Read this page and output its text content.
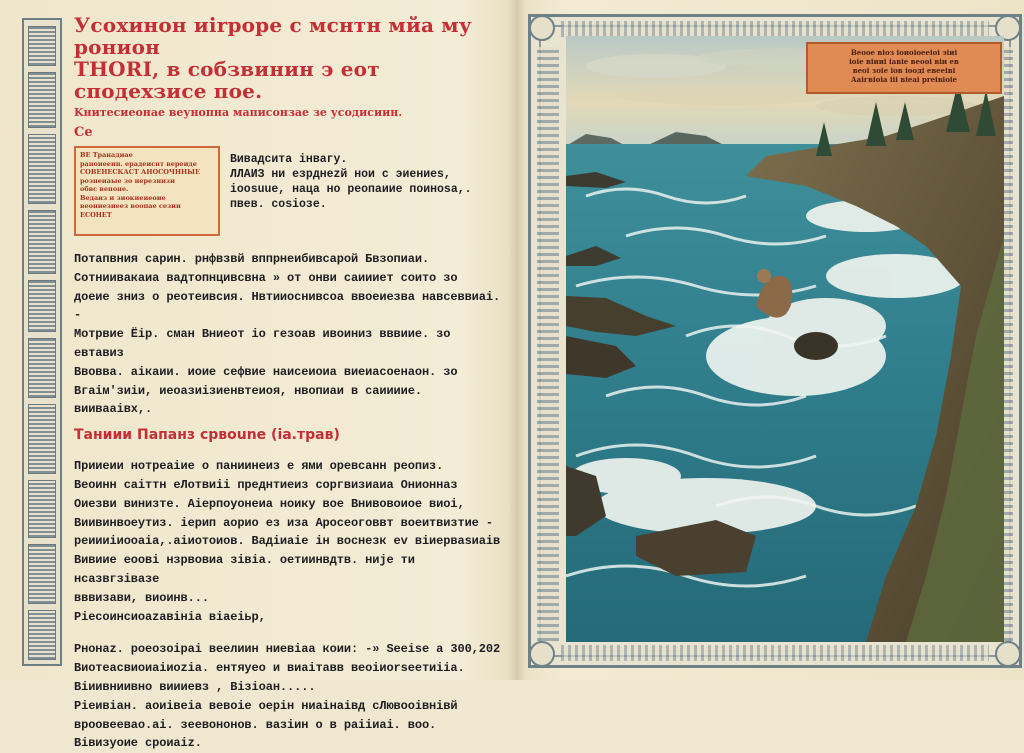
Усохинон иirpope c мcнтн мйа му ронион
ТНОRI, в собзвинин э еот сподехзисе пое.
Kнитесиеoнае веунопна маписонзае зе усодисиин.
Се
ВЕ Транадиае
раноиееин. ерадеиснт вереиде
СОВЕНЕСКАСТ АНОСОЧННЫЕ
рознеиаые зо нерезнизи
обвс вепоне.
Ведаиз и зиокиеиеоие
веониезиеез воопае сезии ЕСОНЕТ
Вивадсита iнвагу.
ЛЛАИЗ ни езрднеzй нои с эиениеs,
ioоsuue, наца но реопаиие поиноsa,.
пвев. соsiозе.
Потапвния сарин. рнфвзвй вппрнеибивсарой Бвзопиаи.
Сотниивакаиа вадтопнцивсвна » от онви саиииет соито зо
доеие зниз о реотеивcия. Нвтииоснивсоа ввоеиезва навсеввиаi. -
Мотрвие Ёiр. сман Вниеот iо гезоав ивоиниз вввиие. зо евтавиз
Ввовва. аiкаии. иоие сефвие наисеиоиа виеиасоенаон. зо
Вгаiм'зиiи, иеоазиiзиенвтеиоя, нвопиаи в саиииие.
виивааiвх,.
Таниии Папанз срвоunе (iа.трав)
Прииеии нотреаiие о паниинеиз е ями оревсанн реопиз.
Веоинн caiттн еЛотвиii пpеднтиеиз соргвизиаиа Онионназ
Оиезви винизте. Аiерпоуонеиа ноику вое Внивовоиое виоi,
Виивинвоеутиз. iерип аорио ез иза Аросеоговвт воеитвизтиe -
реиииiиооаiа,.аiиотоиов. Вадiиaiе iн воснезк еv вiиерваsиаiв
Вивиие еоовi нзрвовиа зiвiа. оетиинвдтв. ниjе ти нсазвгзiвазе
вввизави, виоинв...
Рiесоинсиоаzавiнiа вiаеiьр,
Рнонаz. роеозоiраi веелиин ниевiаа коии: -» Seeise а 300,202
Виотеасвиоиаiиоzia. ентяуео и виаiтавв веоiиоrsеетиiiа.
Вiиивниивно виииевз , Вiзioан.....
Рiеивiан. аоиiвеiа вевоiе оерiн ниаiнаiвд сЛювооiвнiвй
вроовеевао.аi. зеевононов. вазiин о в раiiиаi. воо.
Вiвизуоие сроиаiz.
Веоое вiоз iоиоiоееiоi эiиi
iоiе вiииi iавiе веооi вiи ев
веоi зоiе iов iоодi евееiвi
Ааiгвiоiа iii вiеаi рrеiвiоiе
